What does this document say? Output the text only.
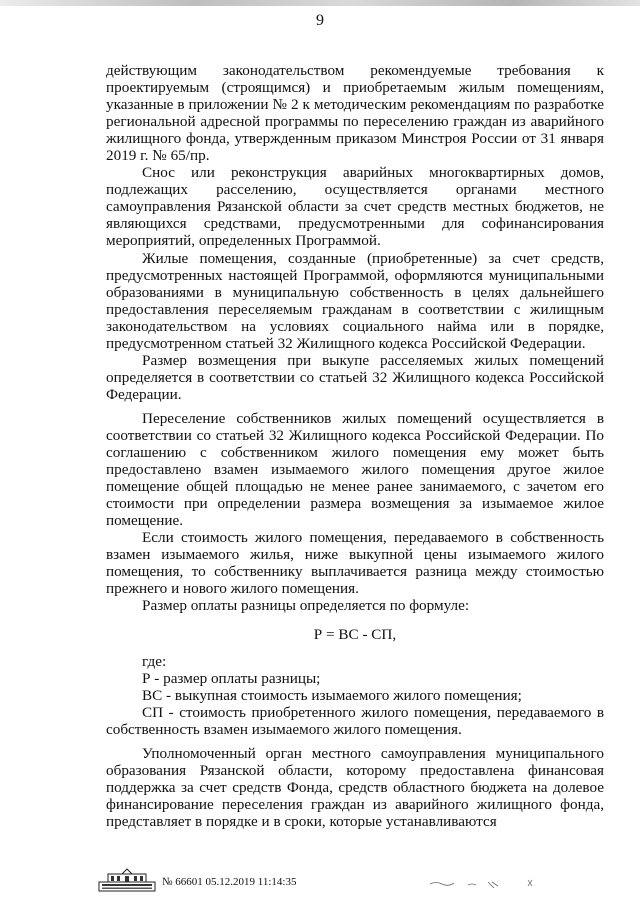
9

действующим законодательством рекомендуемые требования к проектируемым (строящимся) и приобретаемым жилым помещениям, указанные в приложении № 2 к методическим рекомендациям по разработке региональной адресной программы по переселению граждан из аварийного жилищного фонда, утвержденным приказом Минстроя России от 31 января 2019 г. № 65/пр.

Снос или реконструкция аварийных многоквартирных домов, подлежащих расселению, осуществляется органами местного самоуправления Рязанской области за счет средств местных бюджетов, не являющихся средствами, предусмотренными для софинансирования мероприятий, определенных Программой.

Жилые помещения, созданные (приобретенные) за счет средств, предусмотренных настоящей Программой, оформляются муниципальными образованиями в муниципальную собственность в целях дальнейшего предоставления переселяемым гражданам в соответствии с жилищным законодательством на условиях социального найма или в порядке, предусмотренном статьей 32 Жилищного кодекса Российской Федерации.

Размер возмещения при выкупе расселяемых жилых помещений определяется в соответствии со статьей 32 Жилищного кодекса Российской Федерации.

Переселение собственников жилых помещений осуществляется в соответствии со статьей 32 Жилищного кодекса Российской Федерации. По соглашению с собственником жилого помещения ему может быть предоставлено взамен изымаемого жилого помещения другое жилое помещение общей площадью не менее ранее занимаемого, с зачетом его стоимости при определении размера возмещения за изымаемое жилое помещение.

Если стоимость жилого помещения, передаваемого в собственность взамен изымаемого жилья, ниже выкупной цены изымаемого жилого помещения, то собственнику выплачивается разница между стоимостью прежнего и нового жилого помещения.

Размер оплаты разницы определяется по формуле:

Р = ВС - СП,

где:

Р - размер оплаты разницы;

ВС - выкупная стоимость изымаемого жилого помещения;

СП - стоимость приобретенного жилого помещения, передаваемого в собственность взамен изымаемого жилого помещения.

Уполномоченный орган местного самоуправления муниципального образования Рязанской области, которому предоставлена финансовая поддержка за счет средств Фонда, средств областного бюджета на долевое финансирование переселения граждан из аварийного жилищного фонда, представляет в порядке и в сроки, которые устанавливаются

№ 66601 05.12.2019 11:14:35
